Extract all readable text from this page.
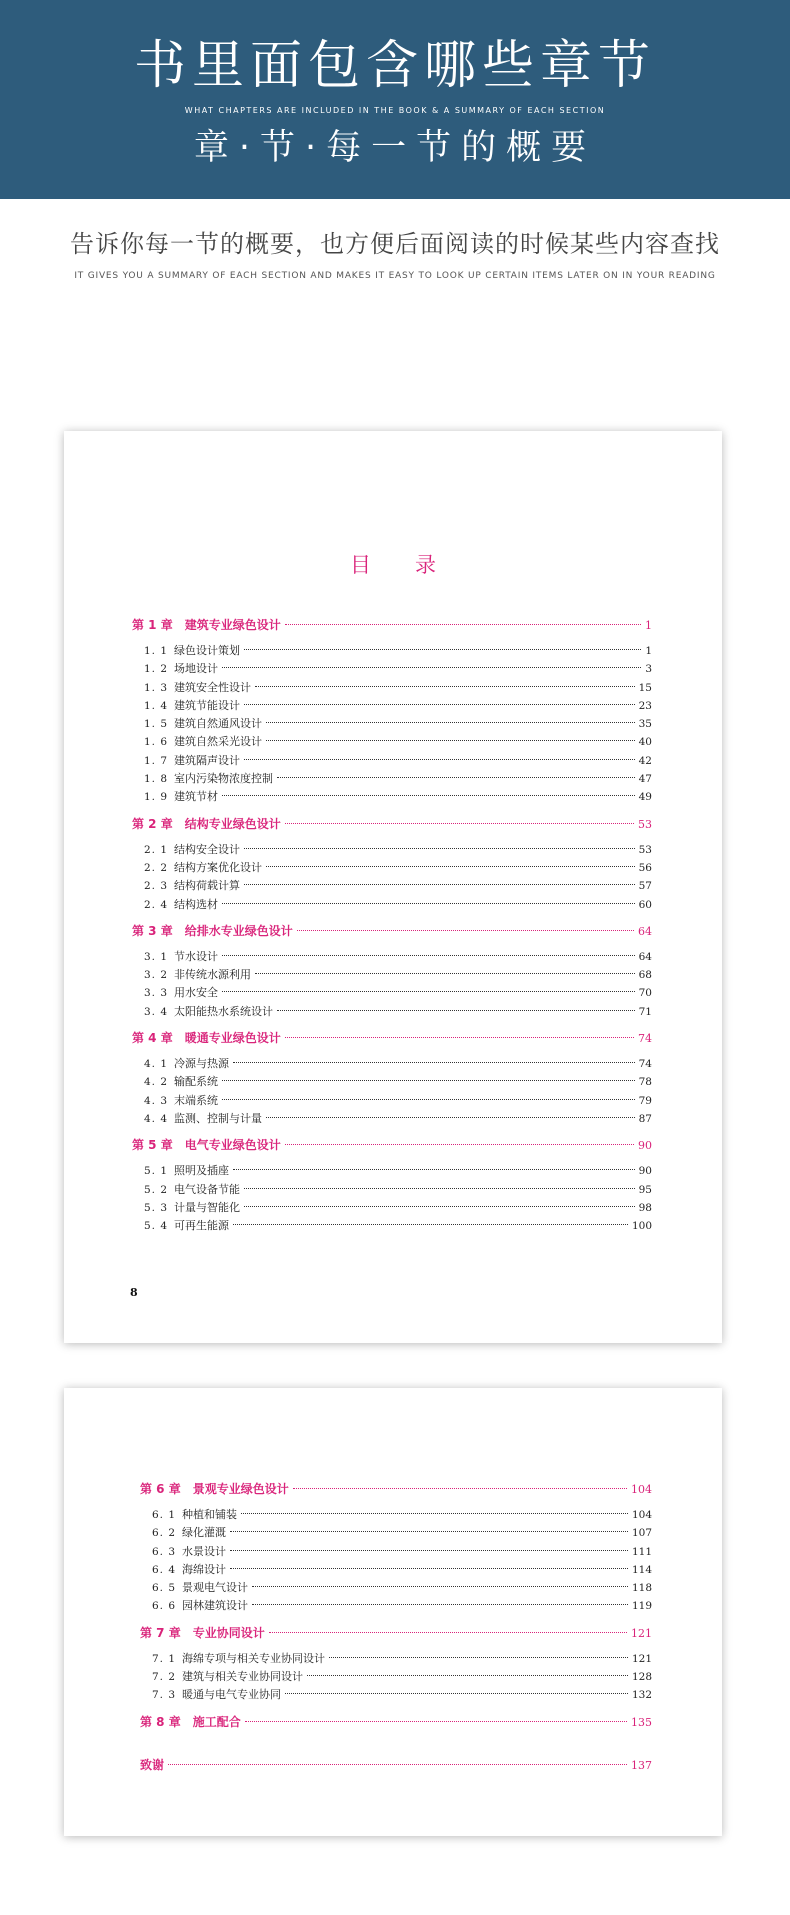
书里面包含哪些章节
WHAT CHAPTERS ARE INCLUDED IN THE BOOK & A SUMMARY OF EACH SECTION
章·节·每一节的概要
告诉你每一节的概要，也方便后面阅读的时候某些内容查找
IT GIVES YOU A SUMMARY OF EACH SECTION AND MAKES IT EASY TO LOOK UP CERTAIN ITEMS LATER ON IN YOUR READING
目录
第 1 章 建筑专业绿色设计	1
1. 1 绿色设计策划	1
1. 2 场地设计	3
1. 3 建筑安全性设计	15
1. 4 建筑节能设计	23
1. 5 建筑自然通风设计	35
1. 6 建筑自然采光设计	40
1. 7 建筑隔声设计	42
1. 8 室内污染物浓度控制	47
1. 9 建筑节材	49
第 2 章 结构专业绿色设计	53
2. 1 结构安全设计	53
2. 2 结构方案优化设计	56
2. 3 结构荷载计算	57
2. 4 结构选材	60
第 3 章 给排水专业绿色设计	64
3. 1 节水设计	64
3. 2 非传统水源利用	68
3. 3 用水安全	70
3. 4 太阳能热水系统设计	71
第 4 章 暖通专业绿色设计	74
4. 1 冷源与热源	74
4. 2 输配系统	78
4. 3 末端系统	79
4. 4 监测、控制与计量	87
第 5 章 电气专业绿色设计	90
5. 1 照明及插座	90
5. 2 电气设备节能	95
5. 3 计量与智能化	98
5. 4 可再生能源	100
8
第 6 章 景观专业绿色设计	104
6. 1 种植和铺装	104
6. 2 绿化灌溉	107
6. 3 水景设计	111
6. 4 海绵设计	114
6. 5 景观电气设计	118
6. 6 园林建筑设计	119
第 7 章 专业协同设计	121
7. 1 海绵专项与相关专业协同设计	121
7. 2 建筑与相关专业协同设计	128
7. 3 暖通与电气专业协同	132
第 8 章 施工配合	135
致谢	137
